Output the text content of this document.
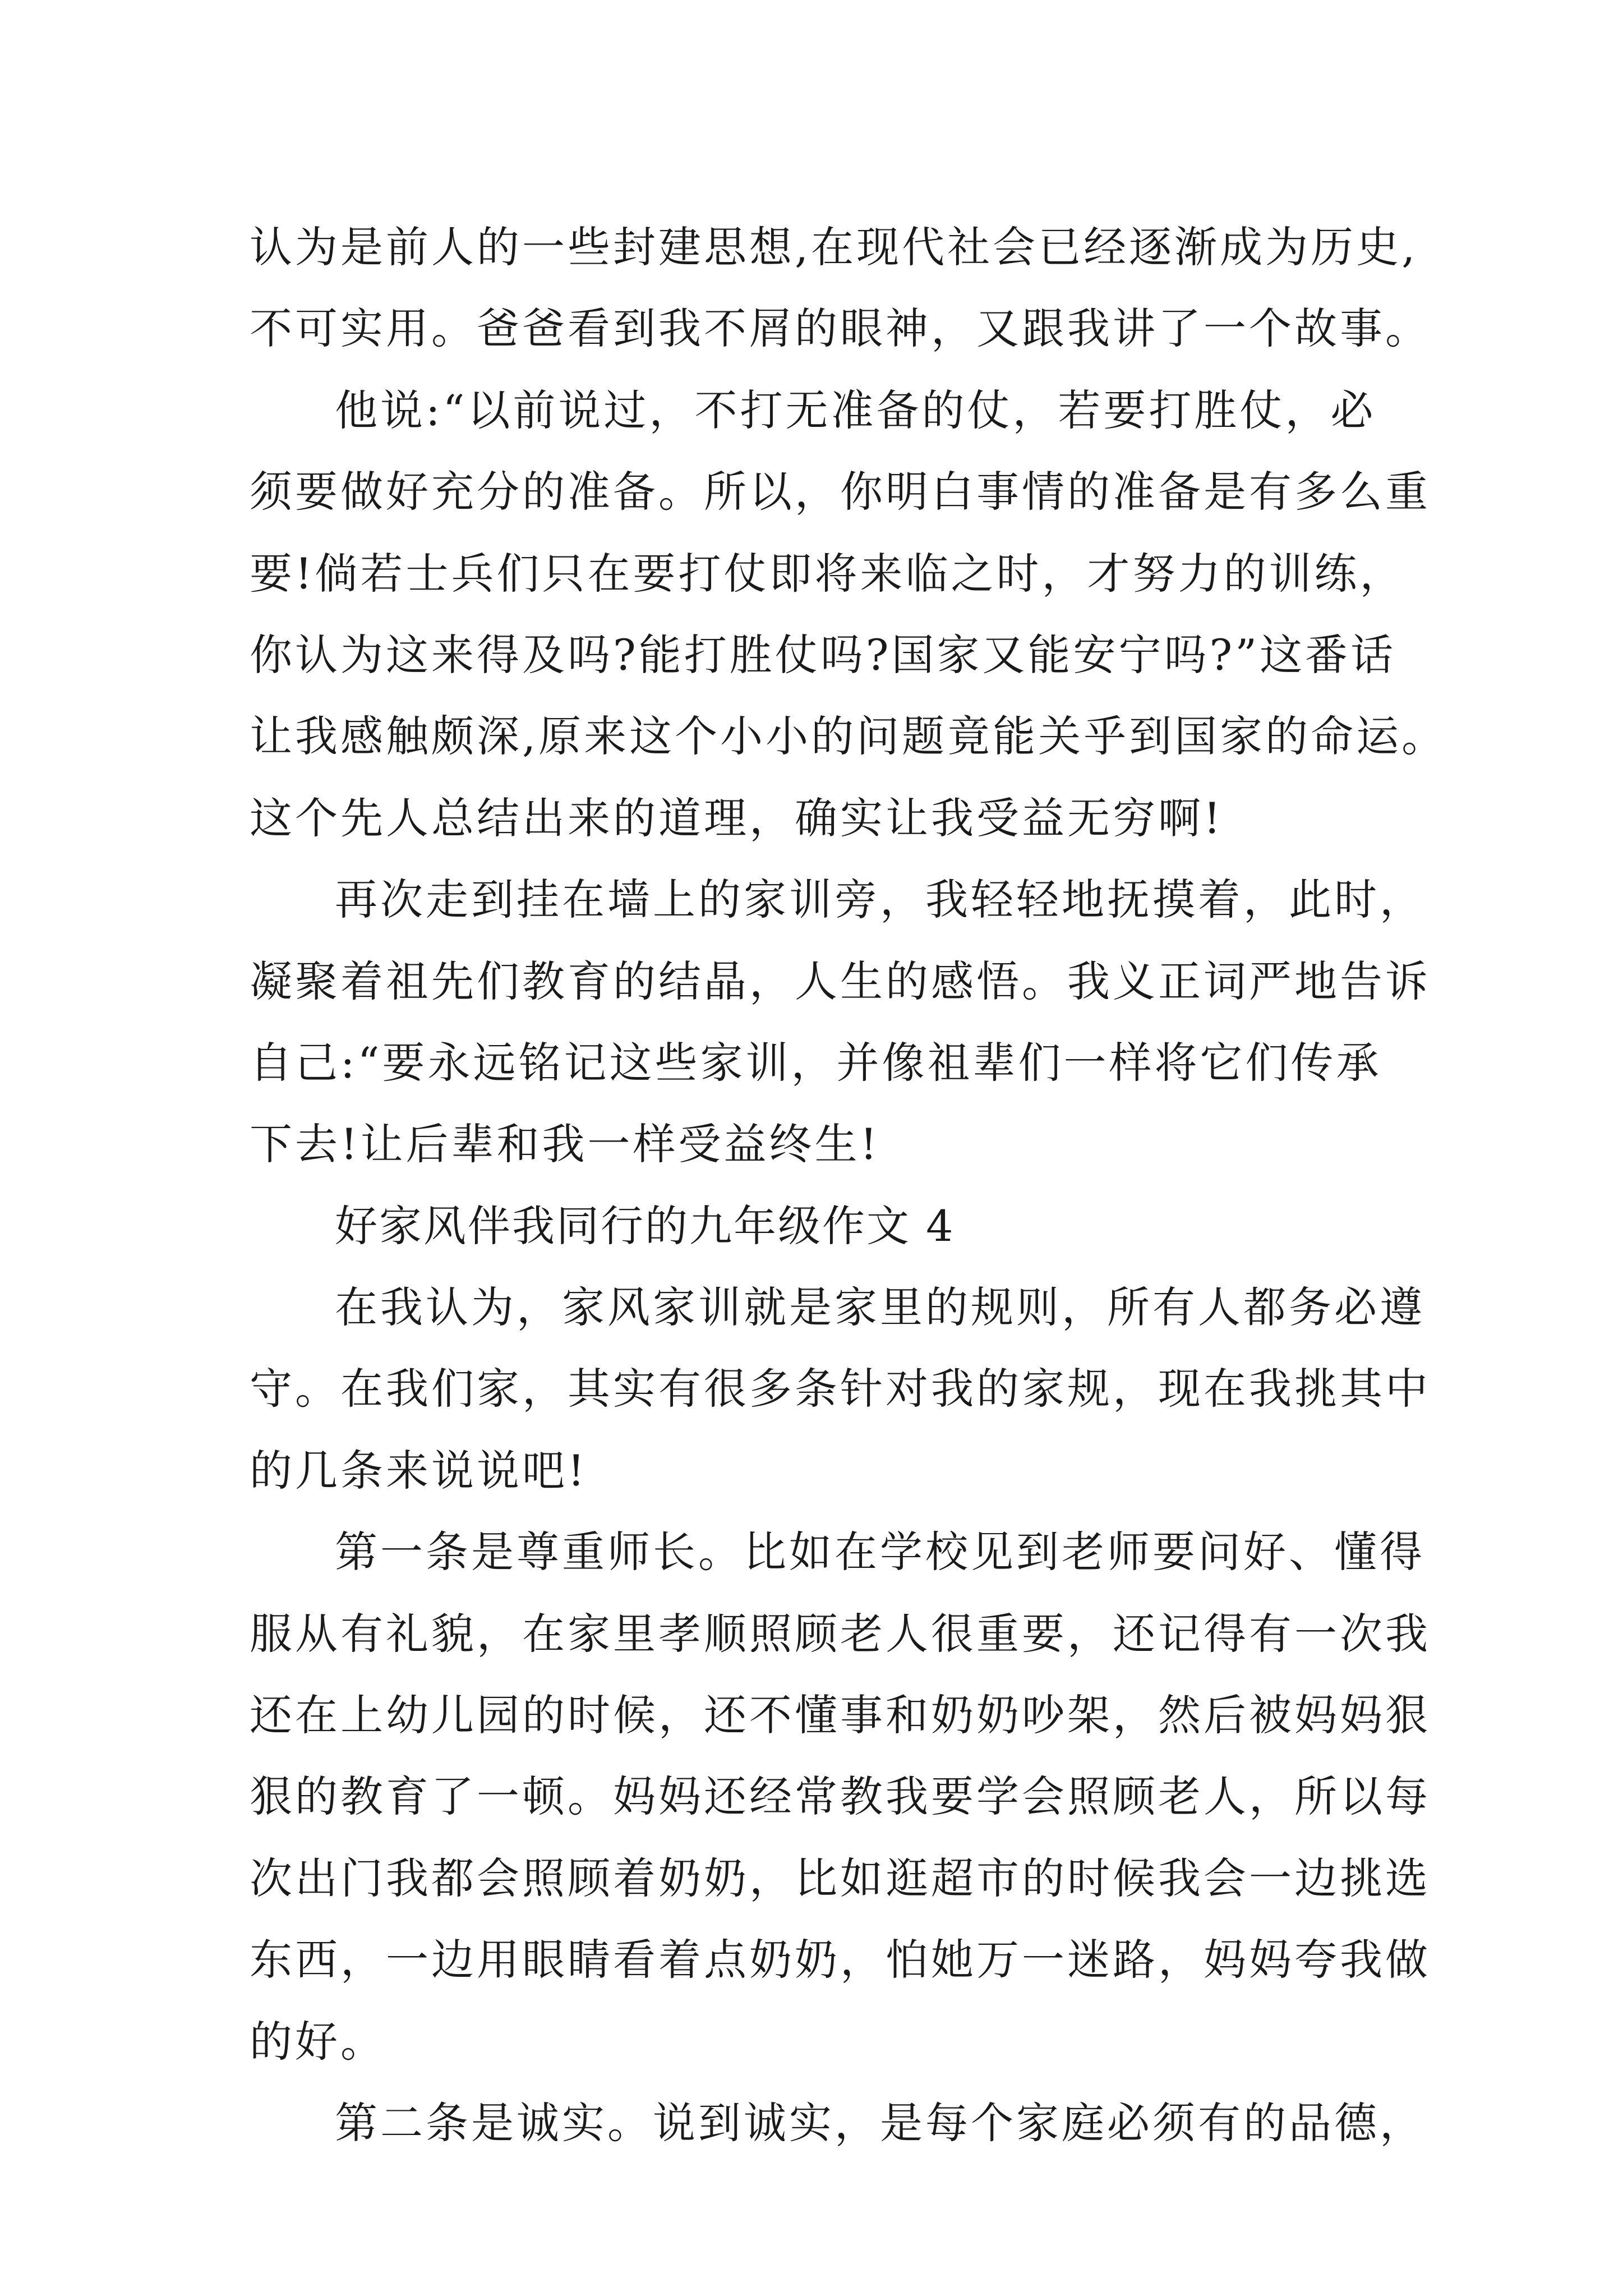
认为是前人的一些封建思想,在现代社会已经逐渐成为历史,
不可实用。爸爸看到我不屑的眼神，又跟我讲了一个故事。
他说:“以前说过，不打无准备的仗，若要打胜仗，必
须要做好充分的准备。所以，你明白事情的准备是有多么重
要!倘若士兵们只在要打仗即将来临之时，才努力的训练，
你认为这来得及吗?能打胜仗吗?国家又能安宁吗?”这番话
让我感触颇深,原来这个小小的问题竟能关乎到国家的命运。
这个先人总结出来的道理，确实让我受益无穷啊!
再次走到挂在墙上的家训旁，我轻轻地抚摸着，此时，
凝聚着祖先们教育的结晶，人生的感悟。我义正词严地告诉
自己:“要永远铭记这些家训，并像祖辈们一样将它们传承
下去!让后辈和我一样受益终生!
好家风伴我同行的九年级作文 4
在我认为，家风家训就是家里的规则，所有人都务必遵
守。在我们家，其实有很多条针对我的家规，现在我挑其中
的几条来说说吧!
第一条是尊重师长。比如在学校见到老师要问好、懂得
服从有礼貌，在家里孝顺照顾老人很重要，还记得有一次我
还在上幼儿园的时候，还不懂事和奶奶吵架，然后被妈妈狠
狠的教育了一顿。妈妈还经常教我要学会照顾老人，所以每
次出门我都会照顾着奶奶，比如逛超市的时候我会一边挑选
东西，一边用眼睛看着点奶奶，怕她万一迷路，妈妈夸我做
的好。
第二条是诚实。说到诚实，是每个家庭必须有的品德，
